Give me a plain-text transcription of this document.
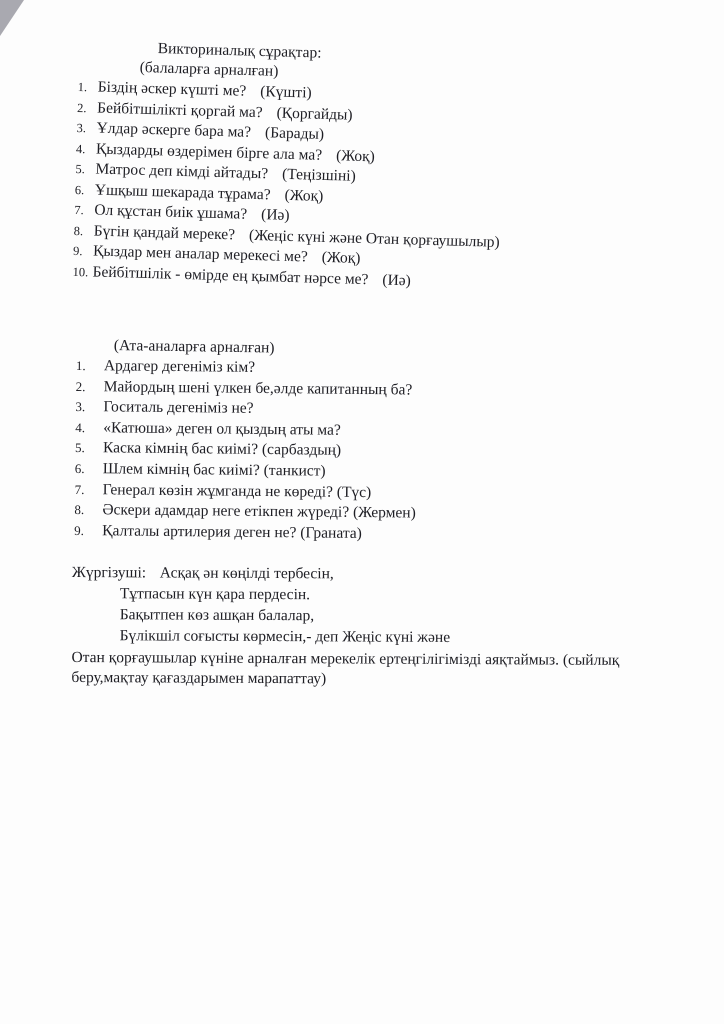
Викториналық сұрақтар:
(балаларға арналған)
1. Біздің әскер күшті ме? (Күшті)
2. Бейбітшілікті қоргай ма? (Қоргайды)
3. Ұлдар әскерге бара ма? (Барады)
4. Қыздарды өздерімен бірге ала ма? (Жоқ)
5. Матрос деп кімді айтады? (Теңізшіні)
6. Ұшқыш шекарада тұрама? (Жоқ)
7. Ол құстан биік ұшама? (Иә)
8. Бүгін қандай мереке? (Жеңіс күні және Отан қорғаушылыр)
9. Қыздар мен аналар мерекесі ме? (Жоқ)
10. Бейбітшілік - өмірде ең қымбат нәрсе ме? (Иә)
(Ата-аналарға арналған)
1.	Ардагер дегеніміз кім?
2.	Майордың шені үлкен бе,әлде капитанның ба?
3.	Госиталь дегеніміз не?
4.	«Катюша» деген ол қыздың аты ма?
5.	Каска кімнің бас киімі? (сарбаздың)
6.	Шлем кімнің бас киімі? (танкист)
7.	Генерал көзін жұмганда не көреді? (Түс)
8.	Әскери адамдар неге етікпен жүреді? (Жермен)
9.	Қалталы артилерия деген не? (Граната)
Жүргізуші: Асқақ ән көңілді тербесін,
Тұтпасын күн қара пердесін.
Бақытпен көз ашқан балалар,
Бүлікшіл соғысты көрмесін,- деп Жеңіс күні және
Отан қорғаушылар күніне арналған мерекелік ертеңгілігімізді аяқтаймыз. (сыйлық беру,мақтау қағаздарымен марапаттау)
